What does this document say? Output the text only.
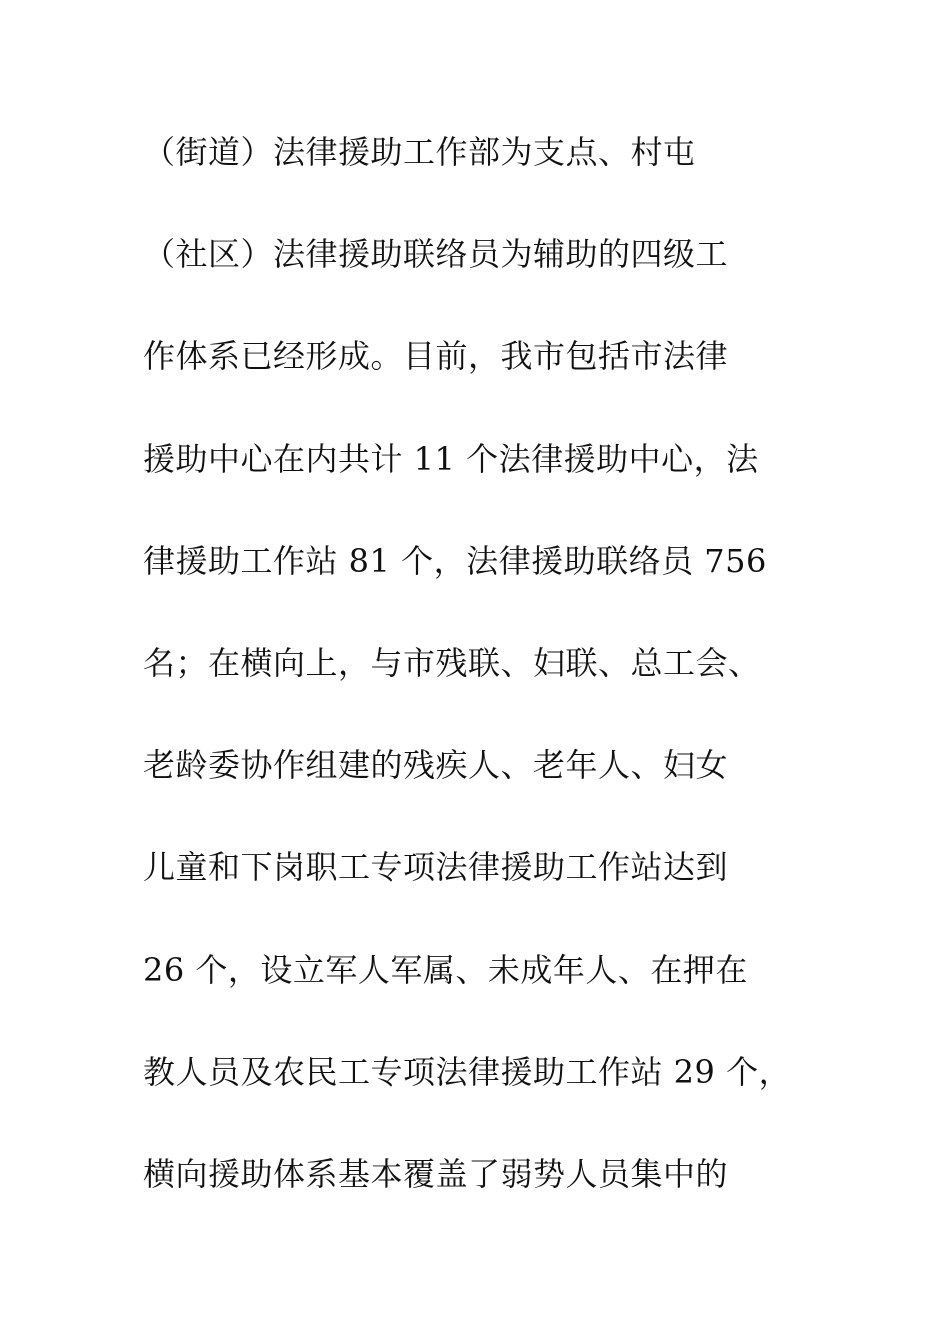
（街道）法律援助工作部为支点、村屯
（社区）法律援助联络员为辅助的四级工
作体系已经形成。目前，我市包括市法律
援助中心在内共计 11 个法律援助中心，法
律援助工作站 81 个，法律援助联络员 756
名；在横向上，与市残联、妇联、总工会、
老龄委协作组建的残疾人、老年人、妇女
儿童和下岗职工专项法律援助工作站达到
26 个，设立军人军属、未成年人、在押在
教人员及农民工专项法律援助工作站 29 个，
横向援助体系基本覆盖了弱势人员集中的
